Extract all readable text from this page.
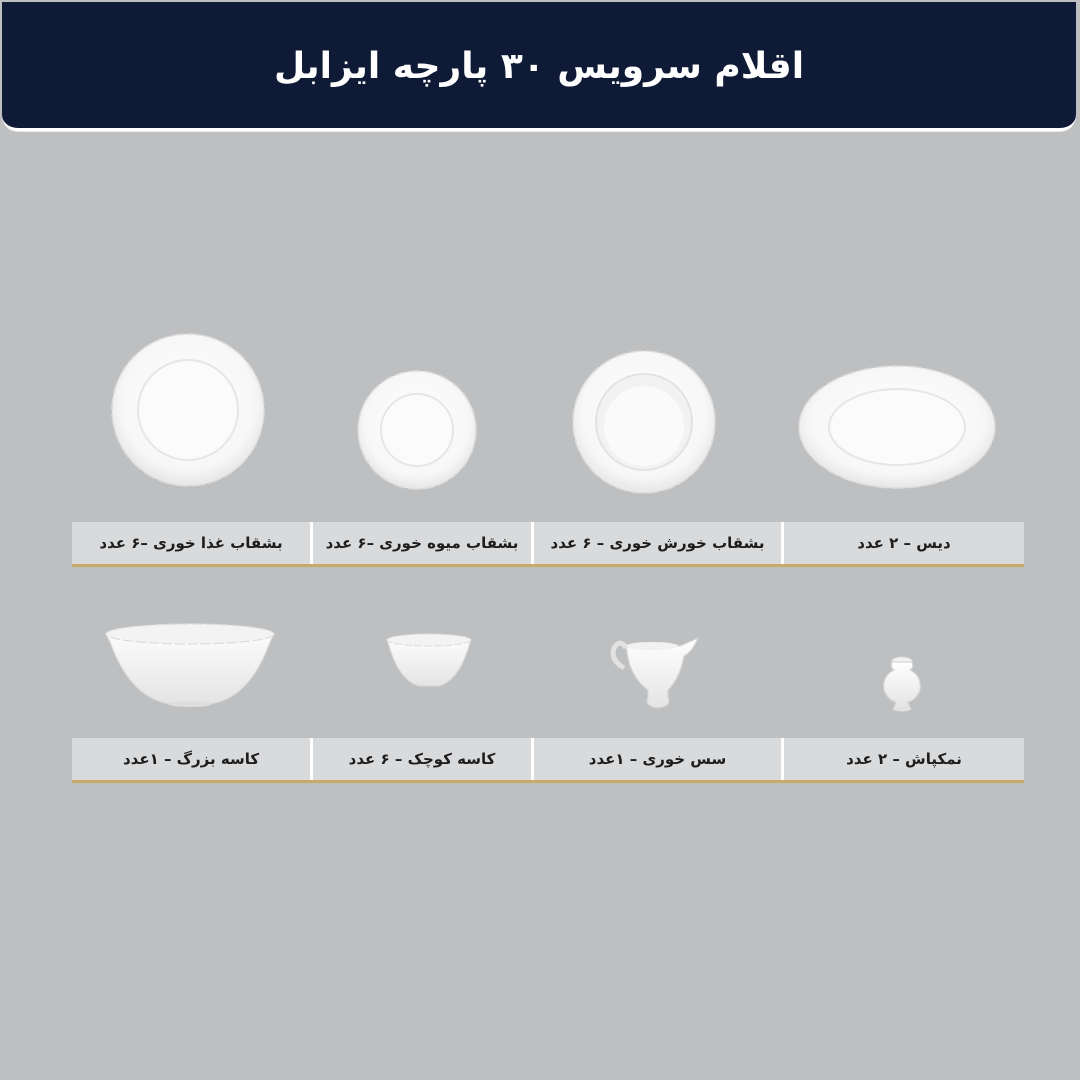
اقلام سرویس ۳۰ پارچه ایزابل
بشقاب غذا خوری –۶ عدد	بشقاب میوه خوری –۶ عدد	بشقاب خورش خوری – ۶ عدد	دیس – ۲ عدد
کاسه بزرگ – ۱عدد	کاسه کوچک – ۶ عدد	سس خوری – ۱عدد	نمکپاش – ۲ عدد
